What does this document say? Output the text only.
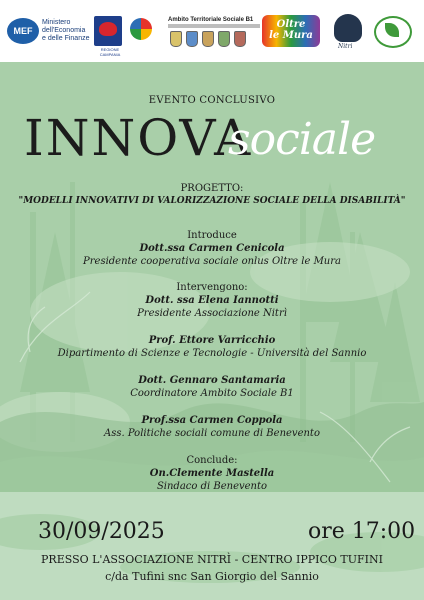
MEF
Ministero
dell'Economia
e delle Finanze
REGIONE CAMPANIA
Ambito Territoriale Sociale B1	Oltre
le Mura
Nitri
EVENTO CONCLUSIVO
INNOVA
sociale
PROGETTO:
"MODELLI INNOVATIVI DI VALORIZZAZIONE SOCIALE DELLA DISABILITÀ"
Introduce
Dott.ssa Carmen Cenicola
Presidente cooperativa sociale onlus Oltre le Mura
Intervengono:
Dott. ssa Elena Iannotti
Presidente Associazione Nitrì
Prof. Ettore Varricchio
Dipartimento di Scienze e Tecnologie - Università del Sannio
Dott. Gennaro Santamaria
Coordinatore Ambito Sociale B1
Prof.ssa Carmen Coppola
Ass. Politiche sociali comune di Benevento
Conclude:
On.Clemente Mastella
Sindaco di Benevento
30/09/2025	ore 17:00
PRESSO L'ASSOCIAZIONE NITRÌ - CENTRO IPPICO TUFINI
c/da Tufini snc San Giorgio del Sannio
